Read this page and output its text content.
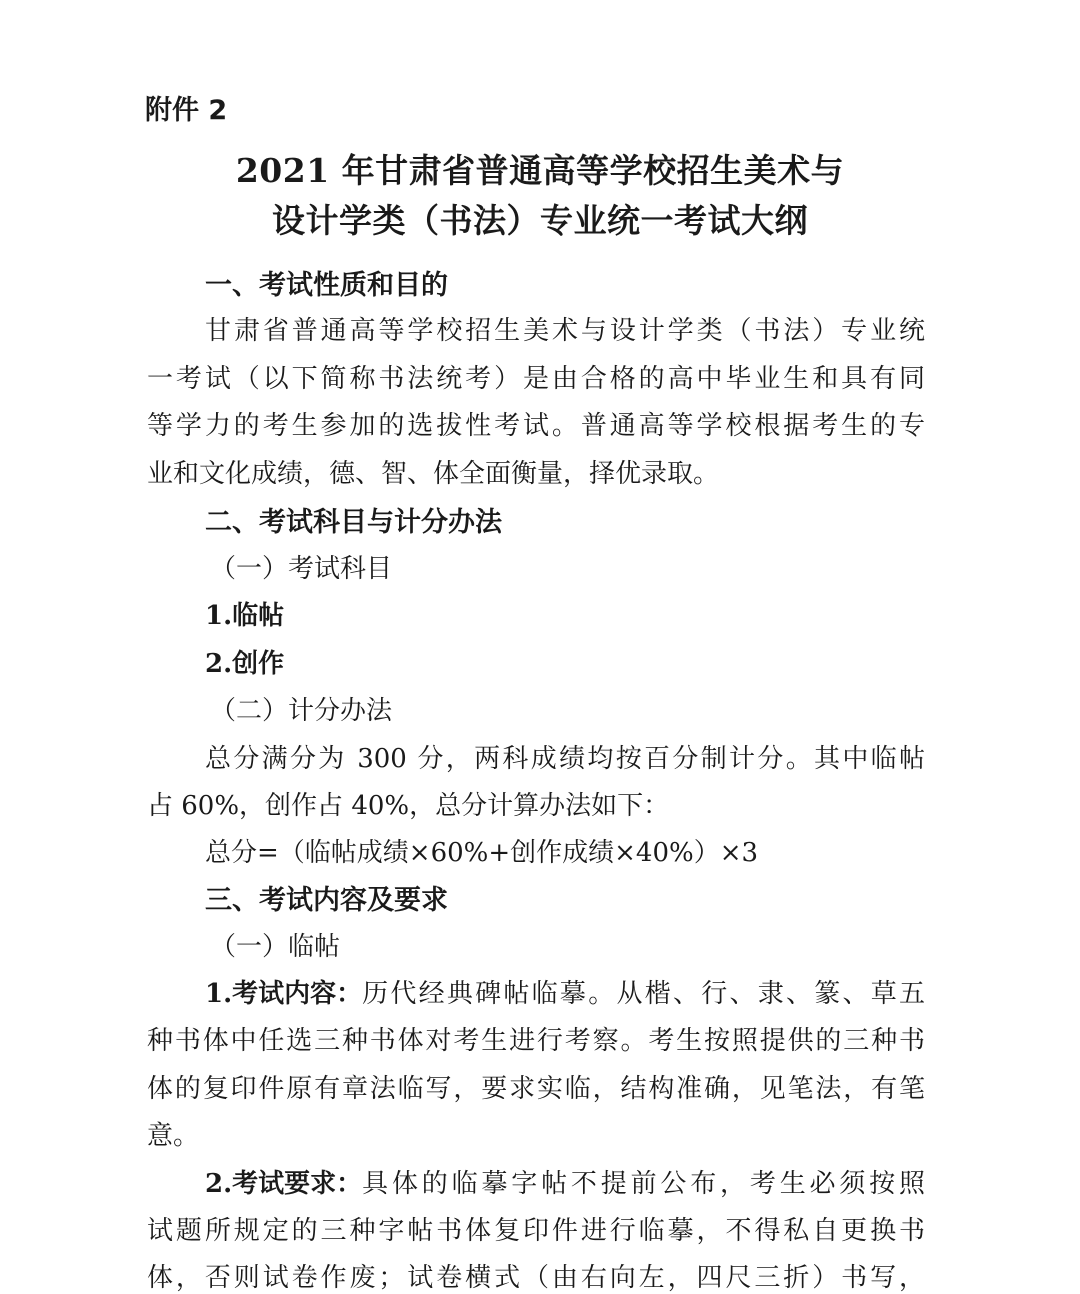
附件 2
2021 年甘肃省普通高等学校招生美术与
设计学类（书法）专业统一考试大纲
一、考试性质和目的
甘肃省普通高等学校招生美术与设计学类（书法）专业统
一考试（以下简称书法统考）是由合格的高中毕业生和具有同
等学力的考生参加的选拔性考试。普通高等学校根据考生的专
业和文化成绩，德、智、体全面衡量，择优录取。
二、考试科目与计分办法
（一）考试科目
1.临帖
2.创作
（二）计分办法
总分满分为 300 分，两科成绩均按百分制计分。其中临帖
占 60%，创作占 40%，总分计算办法如下：
总分=（临帖成绩×60%+创作成绩×40%）×3
三、考试内容及要求
（一）临帖
1.考试内容： 历代经典碑帖临摹。从楷、行、隶、篆、草五
种书体中任选三种书体对考生进行考察。考生按照提供的三种书
体的复印件原有章法临写，要求实临，结构准确，见笔法，有笔
意。
2.考试要求： 具体的临摹字帖不提前公布，考生必须按照
试题所规定的三种字帖书体复印件进行临摹，不得私自更换书
体，否则试卷作废；试卷横式（由右向左，四尺三折）书写，
